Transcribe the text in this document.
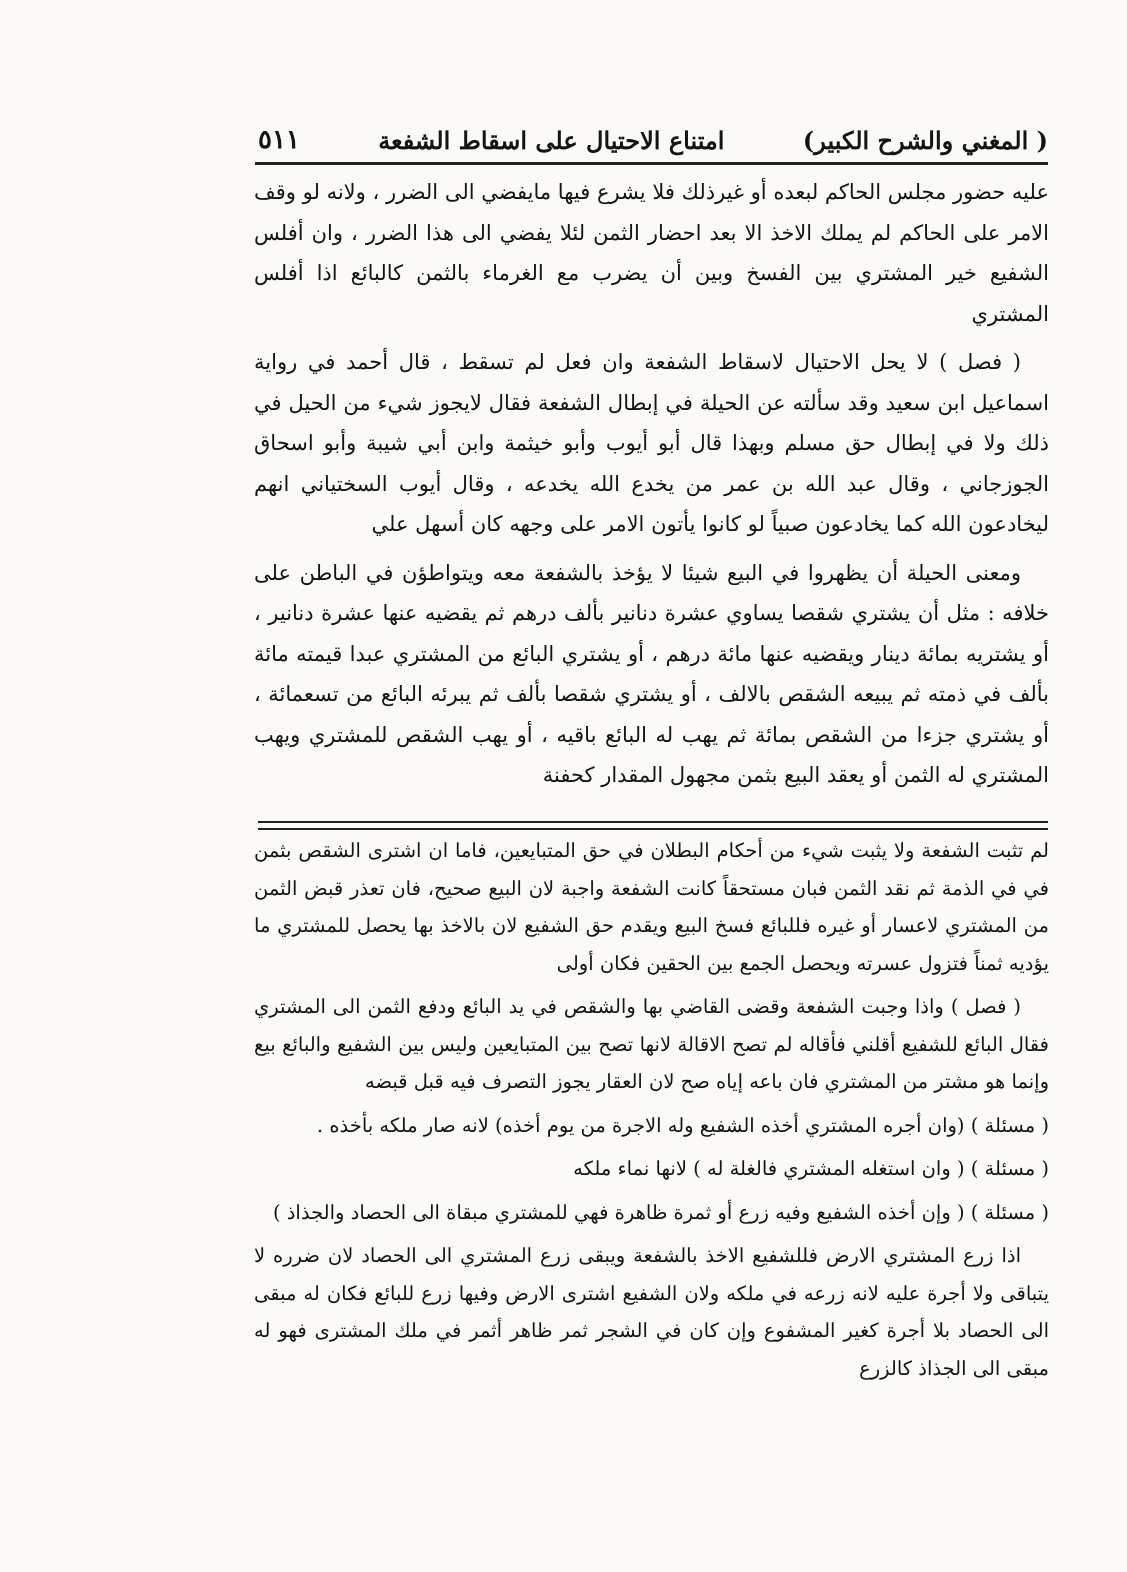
( المغني والشرح الكبير)
امتناع الاحتيال على اسقاط الشفعة
٥١١

عليه حضور مجلس الحاكم لبعده أو غيرذلك فلا يشرع فيها مايفضي الى الضرر ، ولانه لو وقف الامر على الحاكم لم يملك الاخذ الا بعد احضار الثمن لئلا يفضي الى هذا الضرر ، وان أفلس الشفيع خير المشتري بين الفسخ وبين أن يضرب مع الغرماء بالثمن كالبائع اذا أفلس المشتري

( فصل ) لا يحل الاحتيال لاسقاط الشفعة وان فعل لم تسقط ، قال أحمد في رواية اسماعيل ابن سعيد وقد سألته عن الحيلة في إبطال الشفعة فقال لايجوز شيء من الحيل في ذلك ولا في إبطال حق مسلم وبهذا قال أبو أيوب وأبو خيثمة وابن أبي شيبة وأبو اسحاق الجوزجاني ، وقال عبد الله بن عمر من يخدع الله يخدعه ، وقال أيوب السختياني انهم ليخادعون الله كما يخادعون صبياً لو كانوا يأتون الامر على وجهه كان أسهل علي

ومعنى الحيلة أن يظهروا في البيع شيئا لا يؤخذ بالشفعة معه ويتواطؤن في الباطن على خلافه : مثل أن يشتري شقصا يساوي عشرة دنانير بألف درهم ثم يقضيه عنها عشرة دنانير ، أو يشتريه بمائة دينار ويقضيه عنها مائة درهم ، أو يشتري البائع من المشتري عبدا قيمته مائة بألف في ذمته ثم يبيعه الشقص بالالف ، أو يشتري شقصا بألف ثم يبرئه البائع من تسعمائة ، أو يشتري جزءا من الشقص بمائة ثم يهب له البائع باقيه ، أو يهب الشقص للمشتري ويهب المشتري له الثمن أو يعقد البيع بثمن مجهول المقدار كحفنة

لم تثبت الشفعة ولا يثبت شيء من أحكام البطلان في حق المتبايعين، فاما ان اشترى الشقص بثمن في في الذمة ثم نقد الثمن فبان مستحقاً كانت الشفعة واجبة لان البيع صحيح، فان تعذر قبض الثمن من المشتري لاعسار أو غيره فللبائع فسخ البيع ويقدم حق الشفيع لان بالاخذ بها يحصل للمشتري ما يؤديه ثمناً فتزول عسرته ويحصل الجمع بين الحقين فكان أولى

( فصل ) واذا وجبت الشفعة وقضى القاضي بها والشقص في يد البائع ودفع الثمن الى المشتري فقال البائع للشفيع أقلني فأقاله لم تصح الاقالة لانها تصح بين المتبايعين وليس بين الشفيع والبائع بيع وإنما هو مشتر من المشتري فان باعه إياه صح لان العقار يجوز التصرف فيه قبل قبضه

( مسئلة ) (وان أجره المشتري أخذه الشفيع وله الاجرة من يوم أخذه) لانه صار ملكه بأخذه .

( مسئلة ) ( وان استغله المشتري فالغلة له ) لانها نماء ملكه

( مسئلة ) ( وإن أخذه الشفيع وفيه زرع أو ثمرة ظاهرة فهي للمشتري مبقاة الى الحصاد والجذاذ )

اذا زرع المشتري الارض فللشفيع الاخذ بالشفعة ويبقى زرع المشتري الى الحصاد لان ضرره لا يتباقى ولا أجرة عليه لانه زرعه في ملكه ولان الشفيع اشترى الارض وفيها زرع للبائع فكان له مبقى الى الحصاد بلا أجرة كغير المشفوع وإن كان في الشجر ثمر ظاهر أثمر في ملك المشترى فهو له مبقى الى الجذاذ كالزرع
